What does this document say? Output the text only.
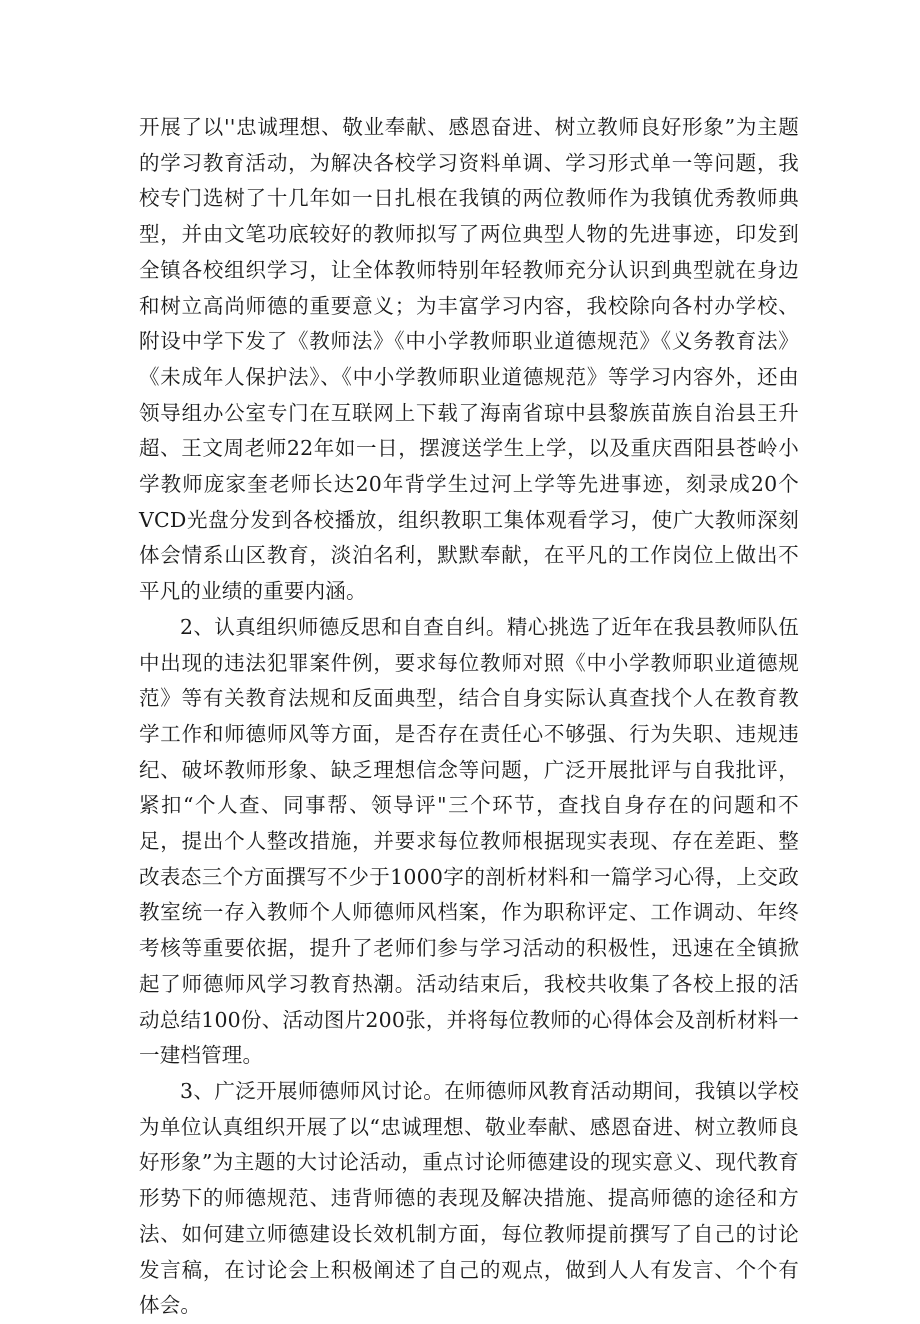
开展了以''忠诚理想、敬业奉献、感恩奋进、树立教师良好形象”为主题的学习教育活动，为解决各校学习资料单调、学习形式单一等问题，我校专门选树了十几年如一日扎根在我镇的两位教师作为我镇优秀教师典型，并由文笔功底较好的教师拟写了两位典型人物的先进事迹，印发到全镇各校组织学习，让全体教师特别年轻教师充分认识到典型就在身边和树立高尚师德的重要意义；为丰富学习内容，我校除向各村办学校、附设中学下发了《教师法》《中小学教师职业道德规范》《义务教育法》《未成年人保护法》、《中小学教师职业道德规范》等学习内容外，还由领导组办公室专门在互联网上下载了海南省琼中县黎族苗族自治县王升超、王文周老师22年如一日，摆渡送学生上学，以及重庆酉阳县苍岭小学教师庞家奎老师长达20年背学生过河上学等先进事迹，刻录成20个VCD光盘分发到各校播放，组织教职工集体观看学习，使广大教师深刻体会情系山区教育，淡泊名利，默默奉献，在平凡的工作岗位上做出不平凡的业绩的重要内涵。

2、认真组织师德反思和自查自纠。精心挑选了近年在我县教师队伍中出现的违法犯罪案件例，要求每位教师对照《中小学教师职业道德规范》等有关教育法规和反面典型，结合自身实际认真查找个人在教育教学工作和师德师风等方面，是否存在责任心不够强、行为失职、违规违纪、破坏教师形象、缺乏理想信念等问题，广泛开展批评与自我批评，紧扣“个人查、同事帮、领导评"三个环节，查找自身存在的问题和不足，提出个人整改措施，并要求每位教师根据现实表现、存在差距、整改表态三个方面撰写不少于1000字的剖析材料和一篇学习心得，上交政教室统一存入教师个人师德师风档案，作为职称评定、工作调动、年终考核等重要依据，提升了老师们参与学习活动的积极性，迅速在全镇掀起了师德师风学习教育热潮。活动结束后，我校共收集了各校上报的活动总结100份、活动图片200张，并将每位教师的心得体会及剖析材料一一建档管理。

3、广泛开展师德师风讨论。在师德师风教育活动期间，我镇以学校为单位认真组织开展了以“忠诚理想、敬业奉献、感恩奋进、树立教师良好形象”为主题的大讨论活动，重点讨论师德建设的现实意义、现代教育形势下的师德规范、违背师德的表现及解决措施、提高师德的途径和方法、如何建立师德建设长效机制方面，每位教师提前撰写了自己的讨论发言稿，在讨论会上积极阐述了自己的观点，做到人人有发言、个个有体会。
